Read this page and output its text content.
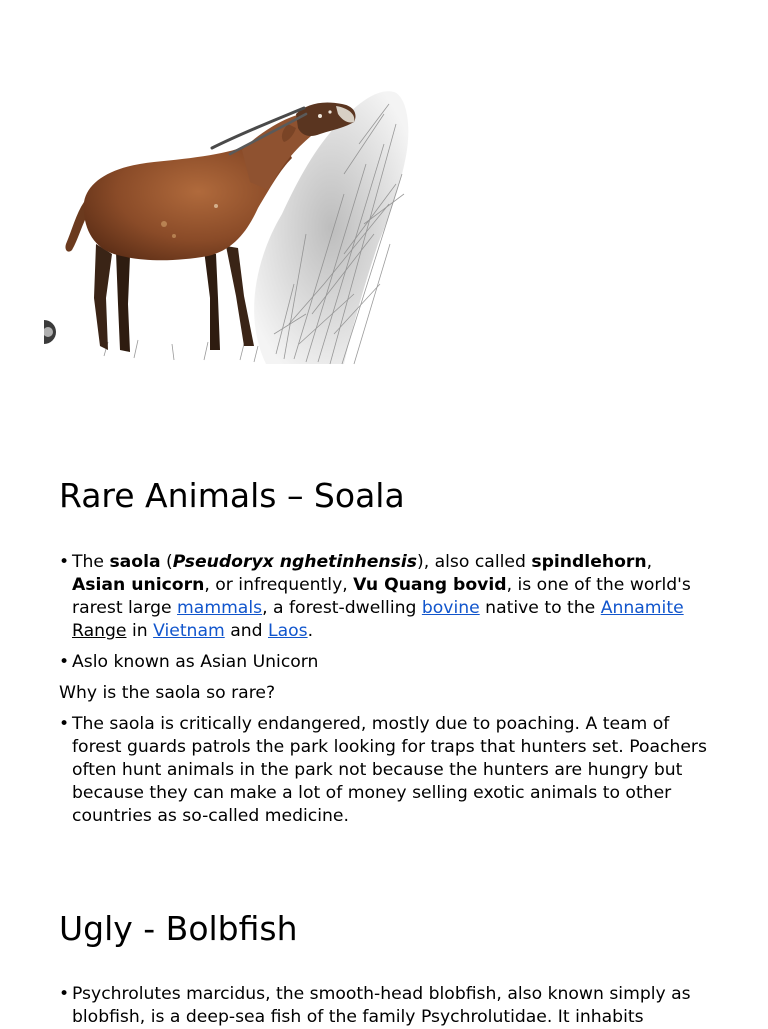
Rare Animals – Soala
• The saola (Pseudoryx nghetinhensis), also called spindlehorn, Asian unicorn, or infrequently, Vu Quang bovid, is one of the world's rarest large mammals, a forest-dwelling bovine native to the Annamite Range in Vietnam and Laos.
• Aslo known as Asian Unicorn
Why is the saola so rare?
• The saola is critically endangered, mostly due to poaching. A team of forest guards patrols the park looking for traps that hunters set. Poachers often hunt animals in the park not because the hunters are hungry but because they can make a lot of money selling exotic animals to other countries as so-called medicine.
Ugly - Bolbfish
• Psychrolutes marcidus, the smooth-head blobfish, also known simply as blobfish, is a deep-sea fish of the family Psychrolutidae. It inhabits
